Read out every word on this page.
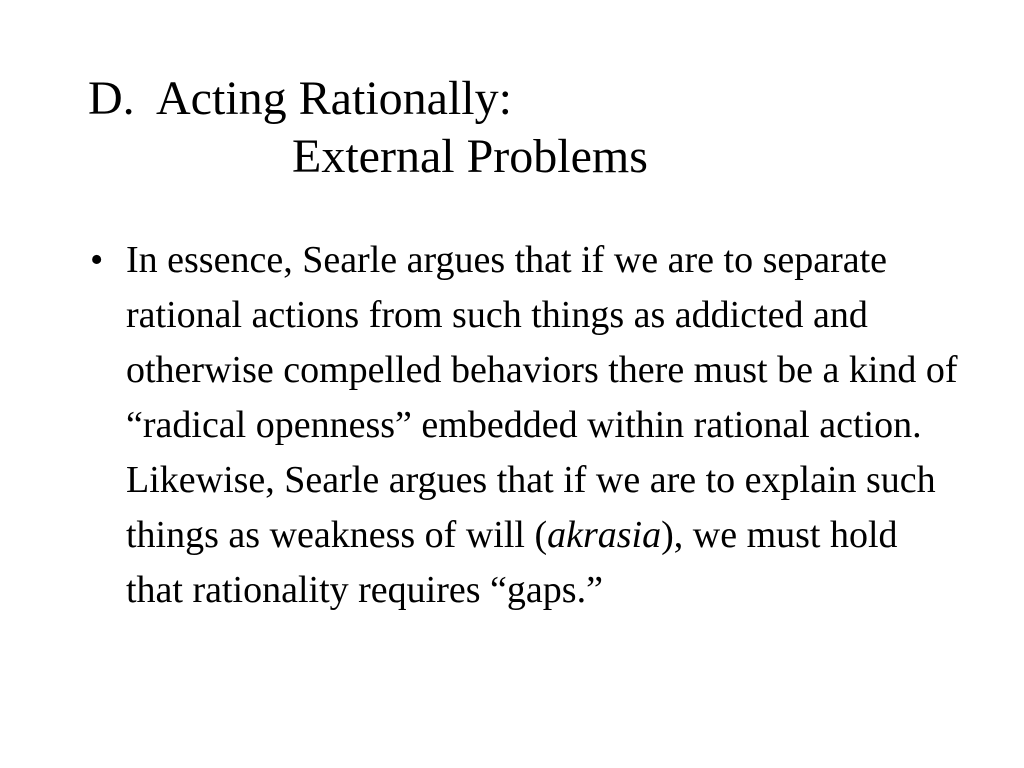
D.  Acting Rationally:
External Problems
• In essence, Searle argues that if we are to separate rational actions from such things as addicted and otherwise compelled behaviors there must be a kind of “radical openness” embedded within rational action. Likewise, Searle argues that if we are to explain such things as weakness of will (akrasia), we must hold that rationality requires “gaps.”
